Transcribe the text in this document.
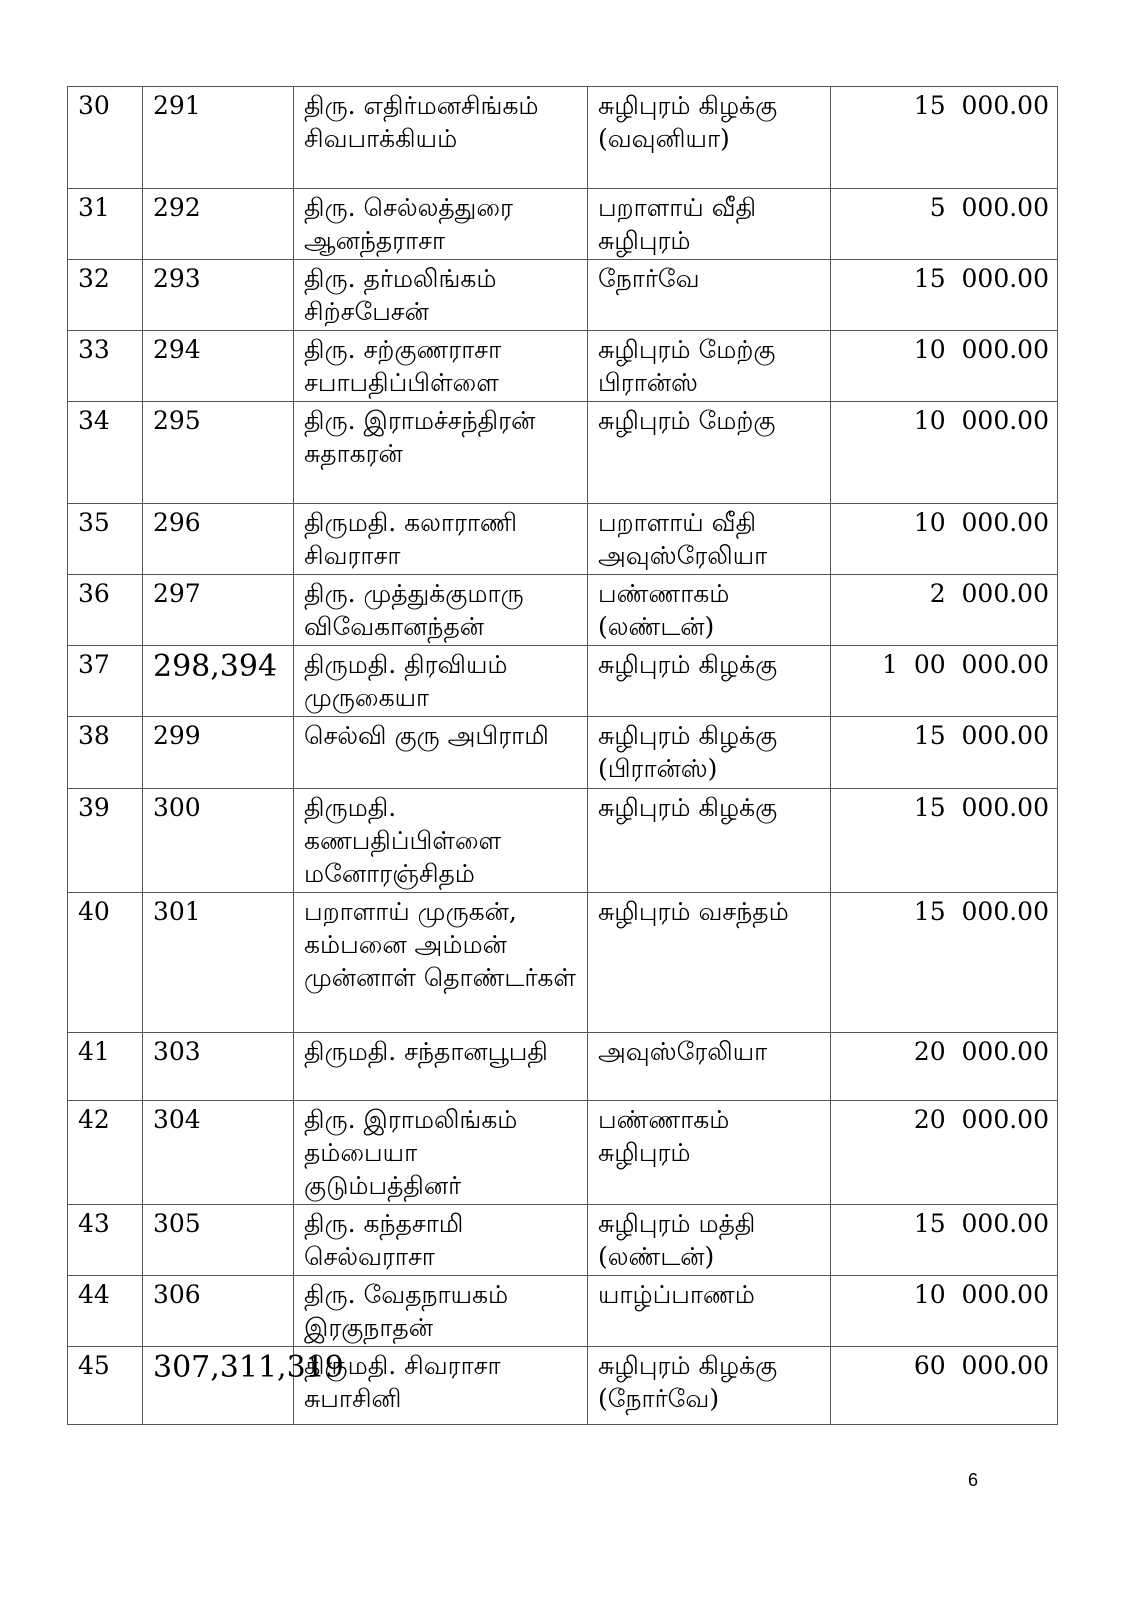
30	291	திரு. எதிர்மனசிங்கம் சிவபாக்கியம்	சுழிபுரம் கிழக்கு (வவுனியா)	15  000.00
31	292	திரு. செல்லத்துரை ஆனந்தராசா	பறாளாய் வீதி சுழிபுரம்	5  000.00
32	293	திரு. தர்மலிங்கம் சிற்சபேசன்	நோர்வே	15  000.00
33	294	திரு. சற்குணராசா சபாபதிப்பிள்ளை	சுழிபுரம் மேற்கு பிரான்ஸ்	10  000.00
34	295	திரு. இராமச்சந்திரன் சுதாகரன்	சுழிபுரம் மேற்கு	10  000.00
35	296	திருமதி. கலாராணி சிவராசா	பறாளாய் வீதி அவுஸ்ரேலியா	10  000.00
36	297	திரு. முத்துக்குமாரு விவேகானந்தன்	பண்ணாகம் (லண்டன்)	2  000.00
37	298,394	திருமதி. திரவியம் முருகையா	சுழிபுரம் கிழக்கு	1  00  000.00
38	299	செல்வி குரு அபிராமி	சுழிபுரம் கிழக்கு (பிரான்ஸ்)	15  000.00
39	300	திருமதி. கணபதிப்பிள்ளை மனோரஞ்சிதம்	சுழிபுரம் கிழக்கு	15  000.00
40	301	பறாளாய் முருகன், கம்பனை அம்மன் முன்னாள் தொண்டர்கள்	சுழிபுரம் வசந்தம்	15  000.00
41	303	திருமதி. சந்தானபூபதி	அவுஸ்ரேலியா	20  000.00
42	304	திரு. இராமலிங்கம் தம்பையா குடும்பத்தினர்	பண்ணாகம் சுழிபுரம்	20  000.00
43	305	திரு. கந்தசாமி செல்வராசா	சுழிபுரம் மத்தி (லண்டன்)	15  000.00
44	306	திரு. வேதநாயகம் இரகுநாதன்	யாழ்ப்பாணம்	10  000.00
45	307,311,319	திருமதி. சிவராசா சுபாசினி	சுழிபுரம் கிழக்கு (நோர்வே)	60  000.00
6
